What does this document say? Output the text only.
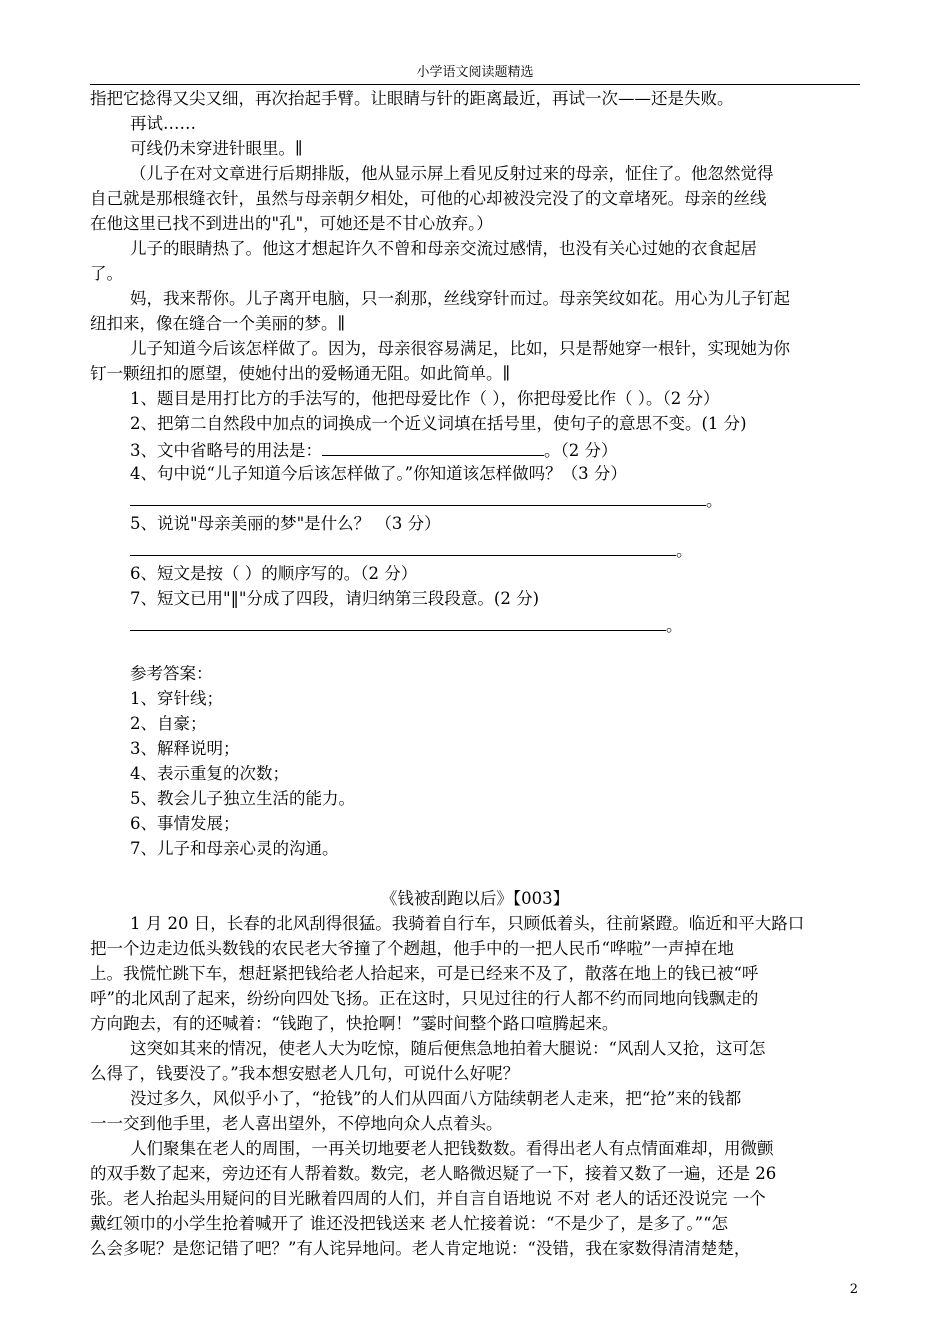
小学语文阅读题精选
指把它捻得又尖又细，再次抬起手臂。让眼睛与针的距离最近，再试一次——还是失败。
再试……
可线仍未穿进针眼里。∥
（儿子在对文章进行后期排版，他从显示屏上看见反射过来的母亲，怔住了。他忽然觉得
自己就是那根缝衣针，虽然与母亲朝夕相处，可他的心却被没完没了的文章堵死。母亲的丝线
在他这里已找不到进出的"孔"，可她还是不甘心放弃。）
儿子的眼睛热了。他这才想起许久不曾和母亲交流过感情，也没有关心过她的衣食起居
了。
妈，我来帮你。儿子离开电脑，只一刹那，丝线穿针而过。母亲笑纹如花。用心为儿子钉起
纽扣来，像在缝合一个美丽的梦。∥
儿子知道今后该怎样做了。因为，母亲很容易满足，比如，只是帮她穿一根针，实现她为你
钉一颗纽扣的愿望，使她付出的爱畅通无阻。如此简单。∥
1、题目是用打比方的手法写的，他把母爱比作（ ），你把母爱比作（ ）。（2 分）
2、把第二自然段中加点的词换成一个近义词填在括号里，使句子的意思不变。(1 分)
3、文中省略号的用法是：	。（2 分）
4、句中说“儿子知道今后该怎样做了。”你知道该怎样做吗？（3 分）
。
5、说说"母亲美丽的梦"是什么？ （3 分）
。
6、短文是按（ ）的顺序写的。（2 分）
7、短文已用"‖"分成了四段，请归纳第三段段意。(2 分)
。
参考答案：
1、穿针线；
2、自豪；
3、解释说明；
4、表示重复的次数；
5、教会儿子独立生活的能力。
6、事情发展；
7、儿子和母亲心灵的沟通。
《钱被刮跑以后》【003】
1 月 20 日，长春的北风刮得很猛。我骑着自行车，只顾低着头，往前紧蹬。临近和平大路口
把一个边走边低头数钱的农民老大爷撞了个趔趄，他手中的一把人民币“哗啦”一声掉在地
上。我慌忙跳下车，想赶紧把钱给老人拾起来，可是已经来不及了，散落在地上的钱已被“呼
呼”的北风刮了起来，纷纷向四处飞扬。正在这时，只见过往的行人都不约而同地向钱飘走的
方向跑去，有的还喊着：“钱跑了，快抢啊！”霎时间整个路口喧腾起来。
这突如其来的情况，使老人大为吃惊，随后便焦急地拍着大腿说：“风刮人又抢，这可怎
么得了，钱要没了。”我本想安慰老人几句，可说什么好呢？
没过多久，风似乎小了，“抢钱”的人们从四面八方陆续朝老人走来，把“抢”来的钱都
一一交到他手里，老人喜出望外，不停地向众人点着头。
人们聚集在老人的周围，一再关切地要老人把钱数数。看得出老人有点情面难却，用微颤
的双手数了起来，旁边还有人帮着数。数完，老人略微迟疑了一下，接着又数了一遍，还是 26
张。老人抬起头用疑问的目光瞅着四周的人们，并自言自语地说 不对 老人的话还没说完 一个
戴红领巾的小学生抢着喊开了 谁还没把钱送来 老人忙接着说：“不是少了，是多了。”“怎
么会多呢？是您记错了吧？”有人诧异地问。老人肯定地说：“没错，我在家数得清清楚楚，
2
